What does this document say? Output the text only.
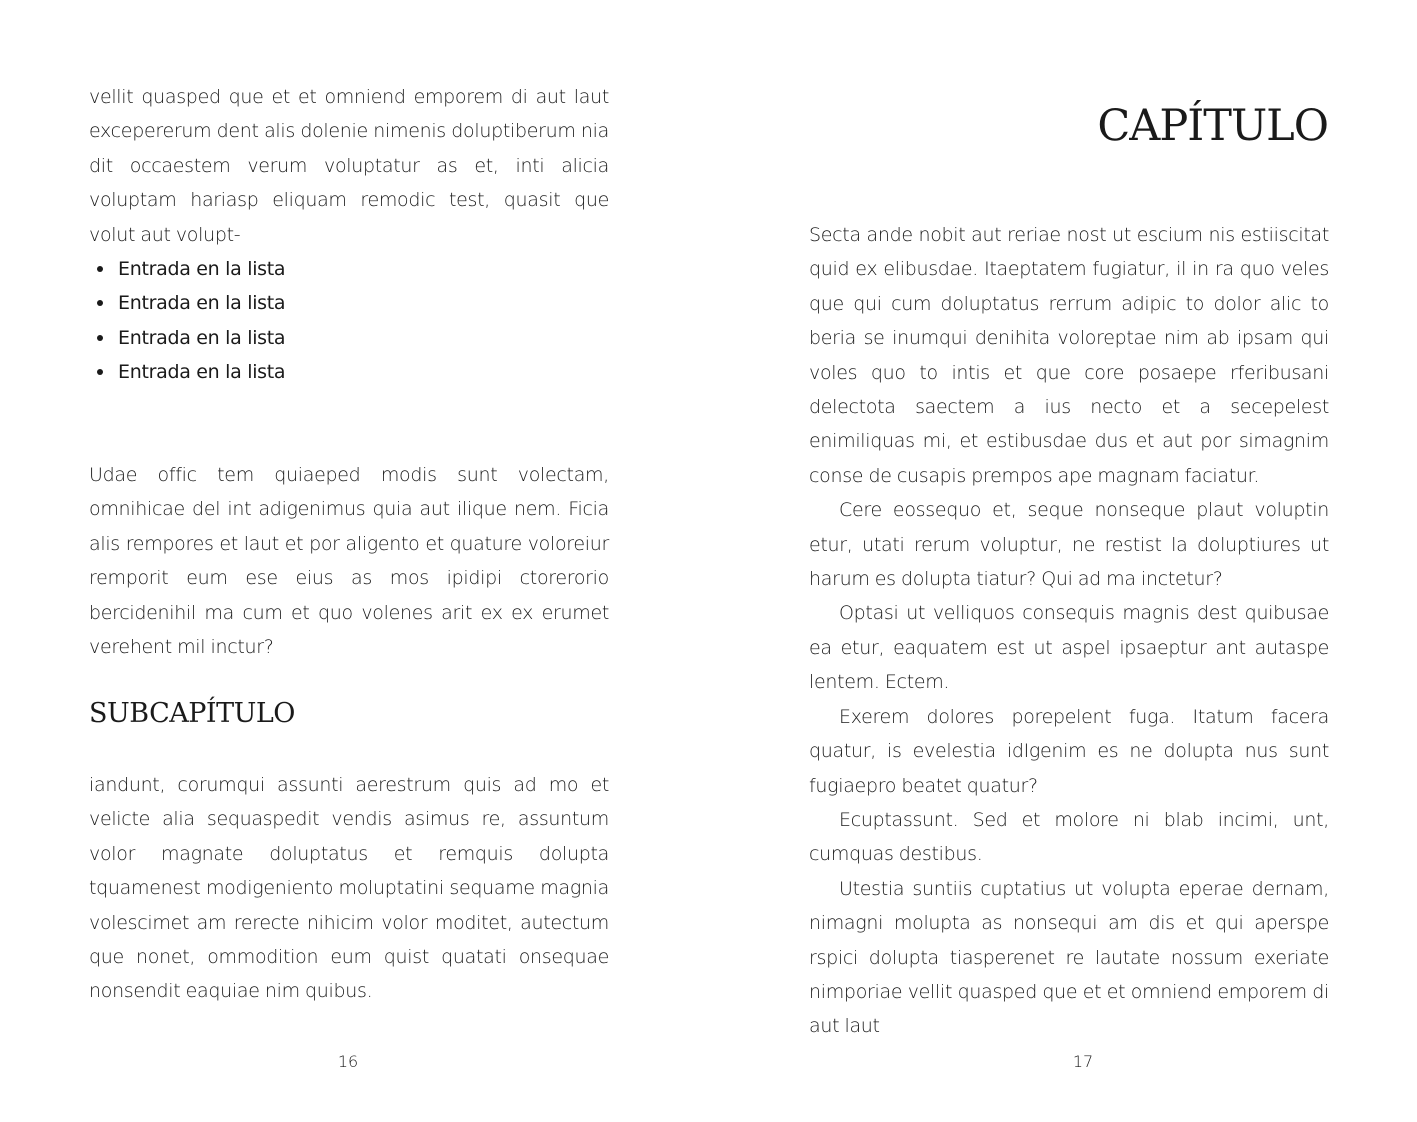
vellit quasped que et et omniend emporem di aut laut excepererum dent alis dolenie nimenis doluptiberum nia dit occaestem verum voluptatur as et, inti alicia voluptam hariasp eliquam remodic test, quasit que volut aut volupt-

Entrada en la lista
Entrada en la lista
Entrada en la lista
Entrada en la lista

Udae offic tem quiaeped modis sunt volectam, omnihicae del int adigenimus quia aut ilique nem. Ficia alis rempores et laut et por aligento et quature voloreiur remporit eum ese eius as mos ipidipi ctorerorio bercidenihil ma cum et quo volenes arit ex ex erumet verehent mil inctur?

SUBCAPÍTULO

iandunt, corumqui assunti aerestrum quis ad mo et velicte alia sequaspedit vendis asimus re, assuntum volor magnate doluptatus et remquis dolupta tquamenest modigeniento moluptatini sequame magnia volescimet am rerecte nihicim volor moditet, autectum que nonet, ommodition eum quist quatati onsequae nonsendit eaquiae nim quibus.

16
CAPÍTULO

Secta ande nobit aut reriae nost ut escium nis estiiscitat quid ex elibusdae. Itaeptatem fugiatur, il in ra quo veles que qui cum doluptatus rerrum adipic to dolor alic to beria se inumqui denihita voloreptae nim ab ipsam qui voles quo to intis et que core posaepe rferibusani delectota saectem a ius necto et a secepelest enimiliquas mi, et estibusdae dus et aut por simagnim conse de cusapis prempos ape magnam faciatur.

Cere eossequo et, seque nonseque plaut voluptin etur, utati rerum voluptur, ne restist la doluptiures ut harum es dolupta tiatur? Qui ad ma inctetur?

Optasi ut velliquos consequis magnis dest quibusae ea etur, eaquatem est ut aspel ipsaeptur ant autaspe lentem. Ectem.

Exerem dolores porepelent fuga. Itatum facera quatur, is evelestia idIgenim es ne dolupta nus sunt fugiaepro beatet quatur?

Ecuptassunt. Sed et molore ni blab incimi, unt, cumquas destibus.

Utestia suntiis cuptatius ut volupta eperae dernam, nimagni molupta as nonsequi am dis et qui aperspe rspici dolupta tiasperenet re lautate nossum exeriate nimporiae vellit quasped que et et omniend emporem di aut laut

17
